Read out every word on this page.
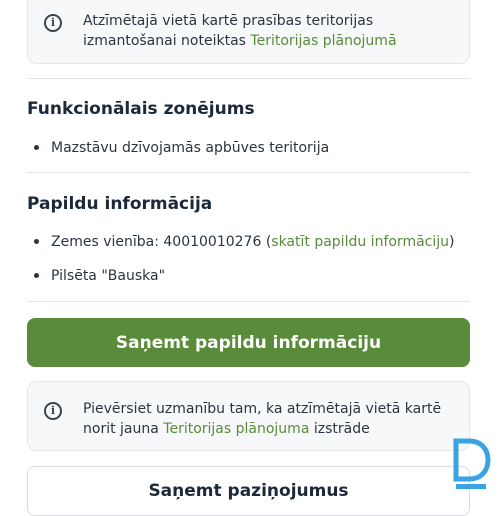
i	Atzīmētajā vietā kartē prasības teritorijas izmantošanai noteiktas Teritorijas plānojumā
Funkcionālais zonējums
Mazstāvu dzīvojamās apbūves teritorija
Papildu informācija
Zemes vienība: 40010010276 (skatīt papildu informāciju)
Pilsēta "Bauska"
Saņemt papildu informāciju
i	Pievērsiet uzmanību tam, ka atzīmētajā vietā kartē norit jauna Teritorijas plānojuma izstrāde
Saņemt paziņojumus
